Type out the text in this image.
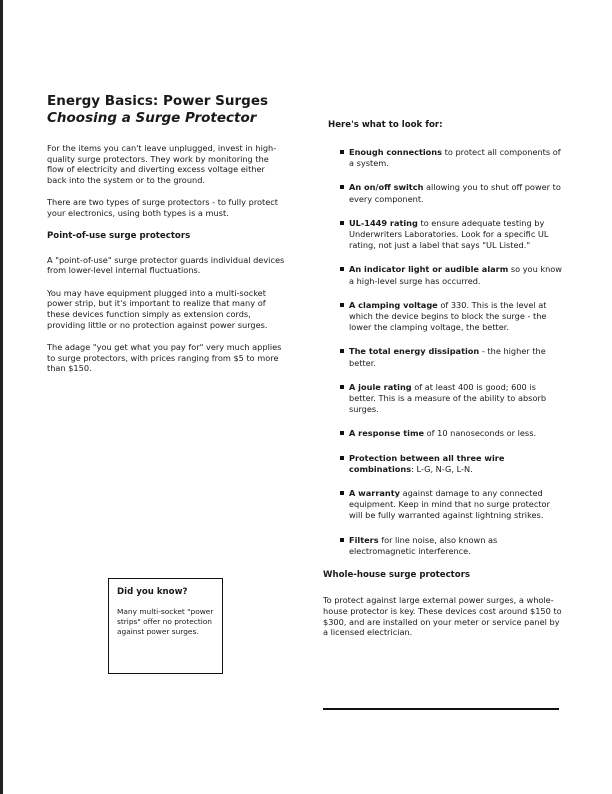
Energy Basics: Power Surges
Choosing a Surge Protector

For the items you can't leave unplugged, invest in high-quality surge protectors. They work by monitoring the flow of electricity and diverting excess voltage either back into the system or to the ground.

There are two types of surge protectors - to fully protect your electronics, using both types is a must.

Point-of-use surge protectors

A "point-of-use" surge protector guards individual devices from lower-level internal fluctuations.

You may have equipment plugged into a multi-socket power strip, but it's important to realize that many of these devices function simply as extension cords, providing little or no protection against power surges.

The adage "you get what you pay for" very much applies to surge protectors, with prices ranging from $5 to more than $150.

Did you know?

Many multi-socket "power strips" offer no protection against power surges.

Here's what to look for:
Enough connections to protect all components of a system.
An on/off switch allowing you to shut off power to every component.
UL-1449 rating to ensure adequate testing by Underwriters Laboratories. Look for a specific UL rating, not just a label that says "UL Listed."
An indicator light or audible alarm so you know a high-level surge has occurred.
A clamping voltage of 330. This is the level at which the device begins to block the surge - the lower the clamping voltage, the better.
The total energy dissipation - the higher the better.
A joule rating of at least 400 is good; 600 is better. This is a measure of the ability to absorb surges.
A response time of 10 nanoseconds or less.
Protection between all three wire combinations: L-G, N-G, L-N.
A warranty against damage to any connected equipment. Keep in mind that no surge protector will be fully warranted against lightning strikes.
Filters for line noise, also known as electromagnetic interference.
Whole-house surge protectors

To protect against large external power surges, a whole-house protector is key. These devices cost around $150 to $300, and are installed on your meter or service panel by a licensed electrician.
